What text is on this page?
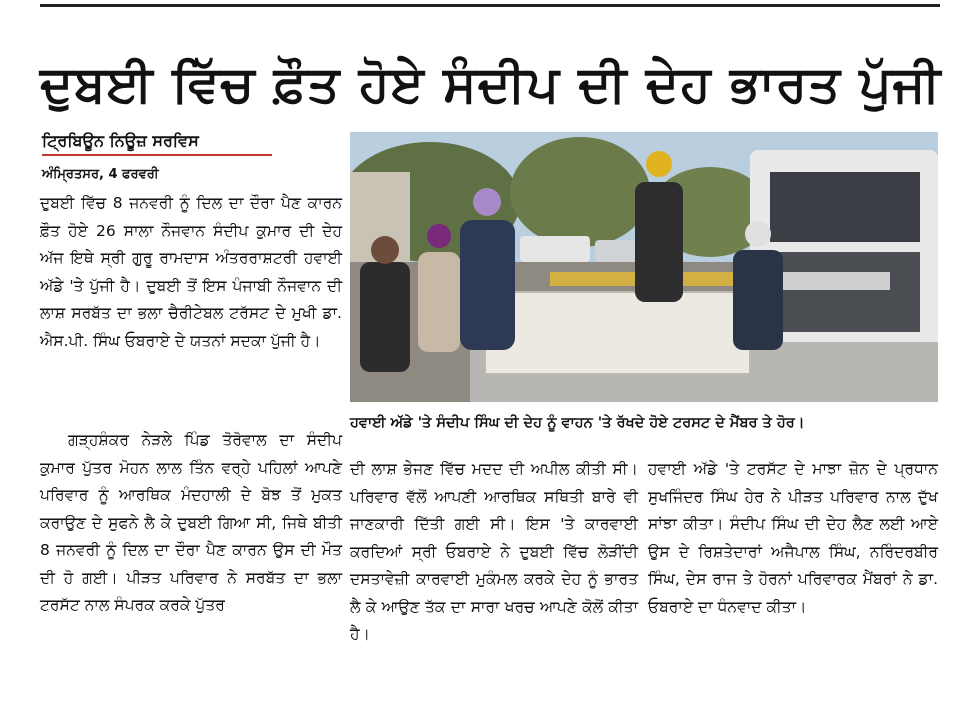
ਦੁਬਈ ਵਿੱਚ ਫ਼ੌਤ ਹੋਏ ਸੰਦੀਪ ਦੀ ਦੇਹ ਭਾਰਤ ਪੁੱਜੀ
ਟ੍ਰਿਬਿਊਨ ਨਿਊਜ਼ ਸਰਵਿਸ
ਅੰਮ੍ਰਿਤਸਰ, 4 ਫਰਵਰੀ

ਦੁਬਈ ਵਿੱਚ 8 ਜਨਵਰੀ ਨੂੰ ਦਿਲ ਦਾ ਦੌਰਾ ਪੈਣ ਕਾਰਨ ਫ਼ੌਤ ਹੋਏ 26 ਸਾਲਾ ਨੌਜਵਾਨ ਸੰਦੀਪ ਕੁਮਾਰ ਦੀ ਦੇਹ ਅੱਜ ਇਥੇ ਸ੍ਰੀ ਗੁਰੂ ਰਾਮਦਾਸ ਅੰਤਰਰਾਸ਼ਟਰੀ ਹਵਾਈ ਅੱਡੇ 'ਤੇ ਪੁੱਜੀ ਹੈ। ਦੁਬਈ ਤੋਂ ਇਸ ਪੰਜਾਬੀ ਨੌਜਵਾਨ ਦੀ ਲਾਸ਼ ਸਰਬੱਤ ਦਾ ਭਲਾ ਚੈਰੀਟੇਬਲ ਟਰੱਸਟ ਦੇ ਮੁਖੀ ਡਾ. ਐਸ.ਪੀ. ਸਿੰਘ ਓਬਰਾਏ ਦੇ ਯਤਨਾਂ ਸਦਕਾ ਪੁੱਜੀ ਹੈ।

ਗੜ੍ਹਸ਼ੰਕਰ ਨੇੜਲੇ ਪਿੰਡ ਤੋਰੋਵਾਲ ਦਾ ਸੰਦੀਪ ਕੁਮਾਰ ਪੁੱਤਰ ਮੋਹਨ ਲਾਲ ਤਿੰਨ ਵਰ੍ਹੇ ਪਹਿਲਾਂ ਆਪਣੇ ਪਰਿਵਾਰ ਨੂੰ ਆਰਥਿਕ ਮੰਦਹਾਲੀ ਦੇ ਬੋਝ ਤੋਂ ਮੁਕਤ ਕਰਾਉਣ ਦੇ ਸੁਫਨੇ ਲੈ ਕੇ ਦੁਬਈ ਗਿਆ ਸੀ, ਜਿਥੇ ਬੀਤੀ 8 ਜਨਵਰੀ ਨੂੰ ਦਿਲ ਦਾ ਦੌਰਾ ਪੈਣ ਕਾਰਨ ਉਸ ਦੀ ਮੌਤ ਦੀ ਹੋ ਗਈ। ਪੀੜਤ ਪਰਿਵਾਰ ਨੇ ਸਰਬੱਤ ਦਾ ਭਲਾ ਟਰਸੱਟ ਨਾਲ ਸੰਪਰਕ ਕਰਕੇ ਪੁੱਤਰ

ਹਵਾਈ ਅੱਡੇ 'ਤੇ ਸੰਦੀਪ ਸਿੰਘ ਦੀ ਦੇਹ ਨੂੰ ਵਾਹਨ 'ਤੇ ਰੱਖਦੇ ਹੋਏ ਟਰਸਟ ਦੇ ਮੈਂਬਰ ਤੇ ਹੋਰ।

ਦੀ ਲਾਸ਼ ਭੇਜਣ ਵਿੱਚ ਮਦਦ ਦੀ ਅਪੀਲ ਕੀਤੀ ਸੀ। ਪਰਿਵਾਰ ਵੱਲੋਂ ਆਪਣੀ ਆਰਥਿਕ ਸਥਿਤੀ ਬਾਰੇ ਵੀ ਜਾਣਕਾਰੀ ਦਿੱਤੀ ਗਈ ਸੀ। ਇਸ 'ਤੇ ਕਾਰਵਾਈ ਕਰਦਿਆਂ ਸ੍ਰੀ ਓਬਰਾਏ ਨੇ ਦੁਬਈ ਵਿੱਚ ਲੋੜੀਂਦੀ ਦਸਤਾਵੇਜ਼ੀ ਕਾਰਵਾਈ ਮੁਕੰਮਲ ਕਰਕੇ ਦੇਹ ਨੂੰ ਭਾਰਤ ਲੈ ਕੇ ਆਉਣ ਤੱਕ ਦਾ ਸਾਰਾ ਖਰਚ ਆਪਣੇ ਕੋਲੋਂ ਕੀਤਾ ਹੈ।

ਹਵਾਈ ਅੱਡੇ 'ਤੇ ਟਰਸੱਟ ਦੇ ਮਾਝਾ ਜ਼ੋਨ ਦੇ ਪ੍ਰਧਾਨ ਸੁਖਜਿੰਦਰ ਸਿੰਘ ਹੇਰ ਨੇ ਪੀੜਤ ਪਰਿਵਾਰ ਨਾਲ ਦੁੱਖ ਸਾਂਝਾ ਕੀਤਾ। ਸੰਦੀਪ ਸਿੰਘ ਦੀ ਦੇਹ ਲੈਣ ਲਈ ਆਏ ਉਸ ਦੇ ਰਿਸ਼ਤੇਦਾਰਾਂ ਅਜੈਪਾਲ ਸਿੰਘ, ਨਰਿੰਦਰਬੀਰ ਸਿੰਘ, ਦੇਸ ਰਾਜ ਤੇ ਹੋਰਨਾਂ ਪਰਿਵਾਰਕ ਮੈਂਬਰਾਂ ਨੇ ਡਾ. ਓਬਰਾਏ ਦਾ ਧੰਨਵਾਦ ਕੀਤਾ।
